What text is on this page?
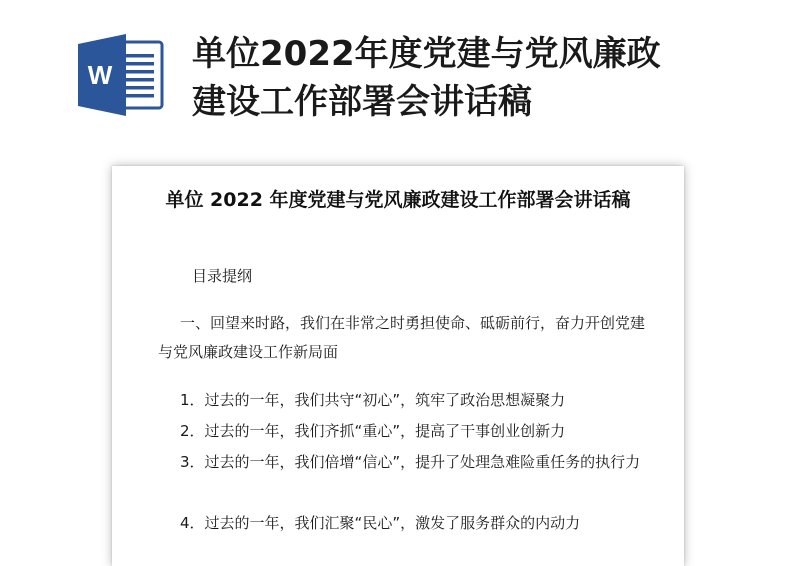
W
单位2022年度党建与党风廉政建设工作部署会讲话稿
单位 2022 年度党建与党风廉政建设工作部署会讲话稿

目录提纲

一、回望来时路，我们在非常之时勇担使命、砥砺前行，奋力开创党建与党风廉政建设工作新局面

1．过去的一年，我们共守“初心”，筑牢了政治思想凝聚力

2．过去的一年，我们齐抓“重心”，提高了干事创业创新力

3．过去的一年，我们倍增“信心”，提升了处理急难险重任务的执行力

4．过去的一年，我们汇聚“民心”，激发了服务群众的内动力
